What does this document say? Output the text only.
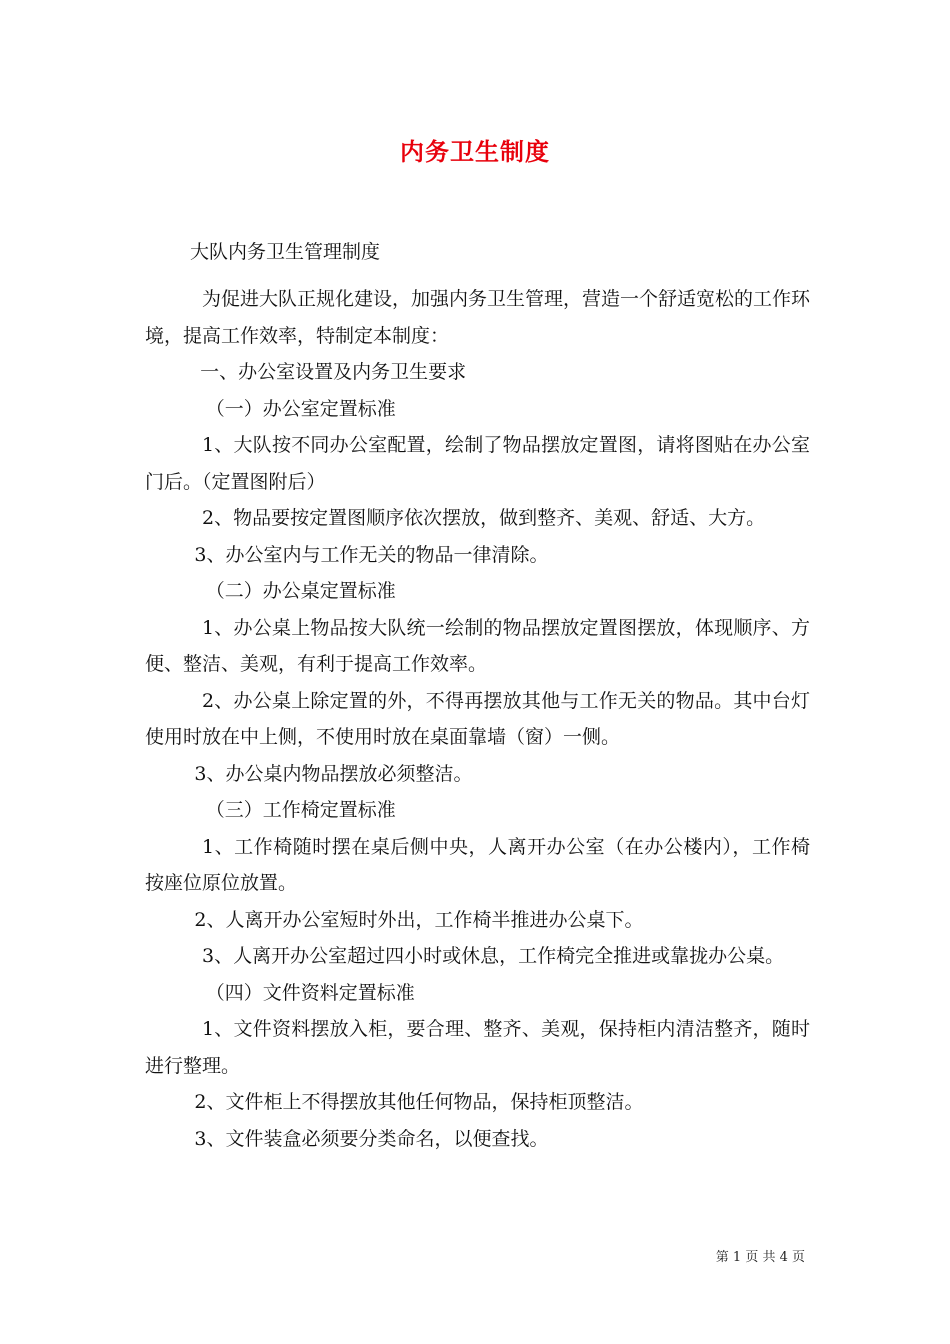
内务卫生制度
大队内务卫生管理制度

为促进大队正规化建设，加强内务卫生管理，营造一个舒适宽松的工作环境，提高工作效率，特制定本制度：

一、办公室设置及内务卫生要求

（一）办公室定置标准

1、大队按不同办公室配置，绘制了物品摆放定置图，请将图贴在办公室门后。（定置图附后）

2、物品要按定置图顺序依次摆放，做到整齐、美观、舒适、大方。

3、办公室内与工作无关的物品一律清除。

（二）办公桌定置标准

1、办公桌上物品按大队统一绘制的物品摆放定置图摆放，体现顺序、方便、整洁、美观，有利于提高工作效率。

2、办公桌上除定置的外，不得再摆放其他与工作无关的物品。其中台灯使用时放在中上侧，不使用时放在桌面靠墙（窗）一侧。

3、办公桌内物品摆放必须整洁。

（三）工作椅定置标准

1、工作椅随时摆在桌后侧中央，人离开办公室（在办公楼内），工作椅按座位原位放置。

2、人离开办公室短时外出，工作椅半推进办公桌下。

3、人离开办公室超过四小时或休息，工作椅完全推进或靠拢办公桌。

（四）文件资料定置标准

1、文件资料摆放入柜，要合理、整齐、美观，保持柜内清洁整齐，随时进行整理。

2、文件柜上不得摆放其他任何物品，保持柜顶整洁。

3、文件装盒必须要分类命名，以便查找。

第 1 页 共 4 页
